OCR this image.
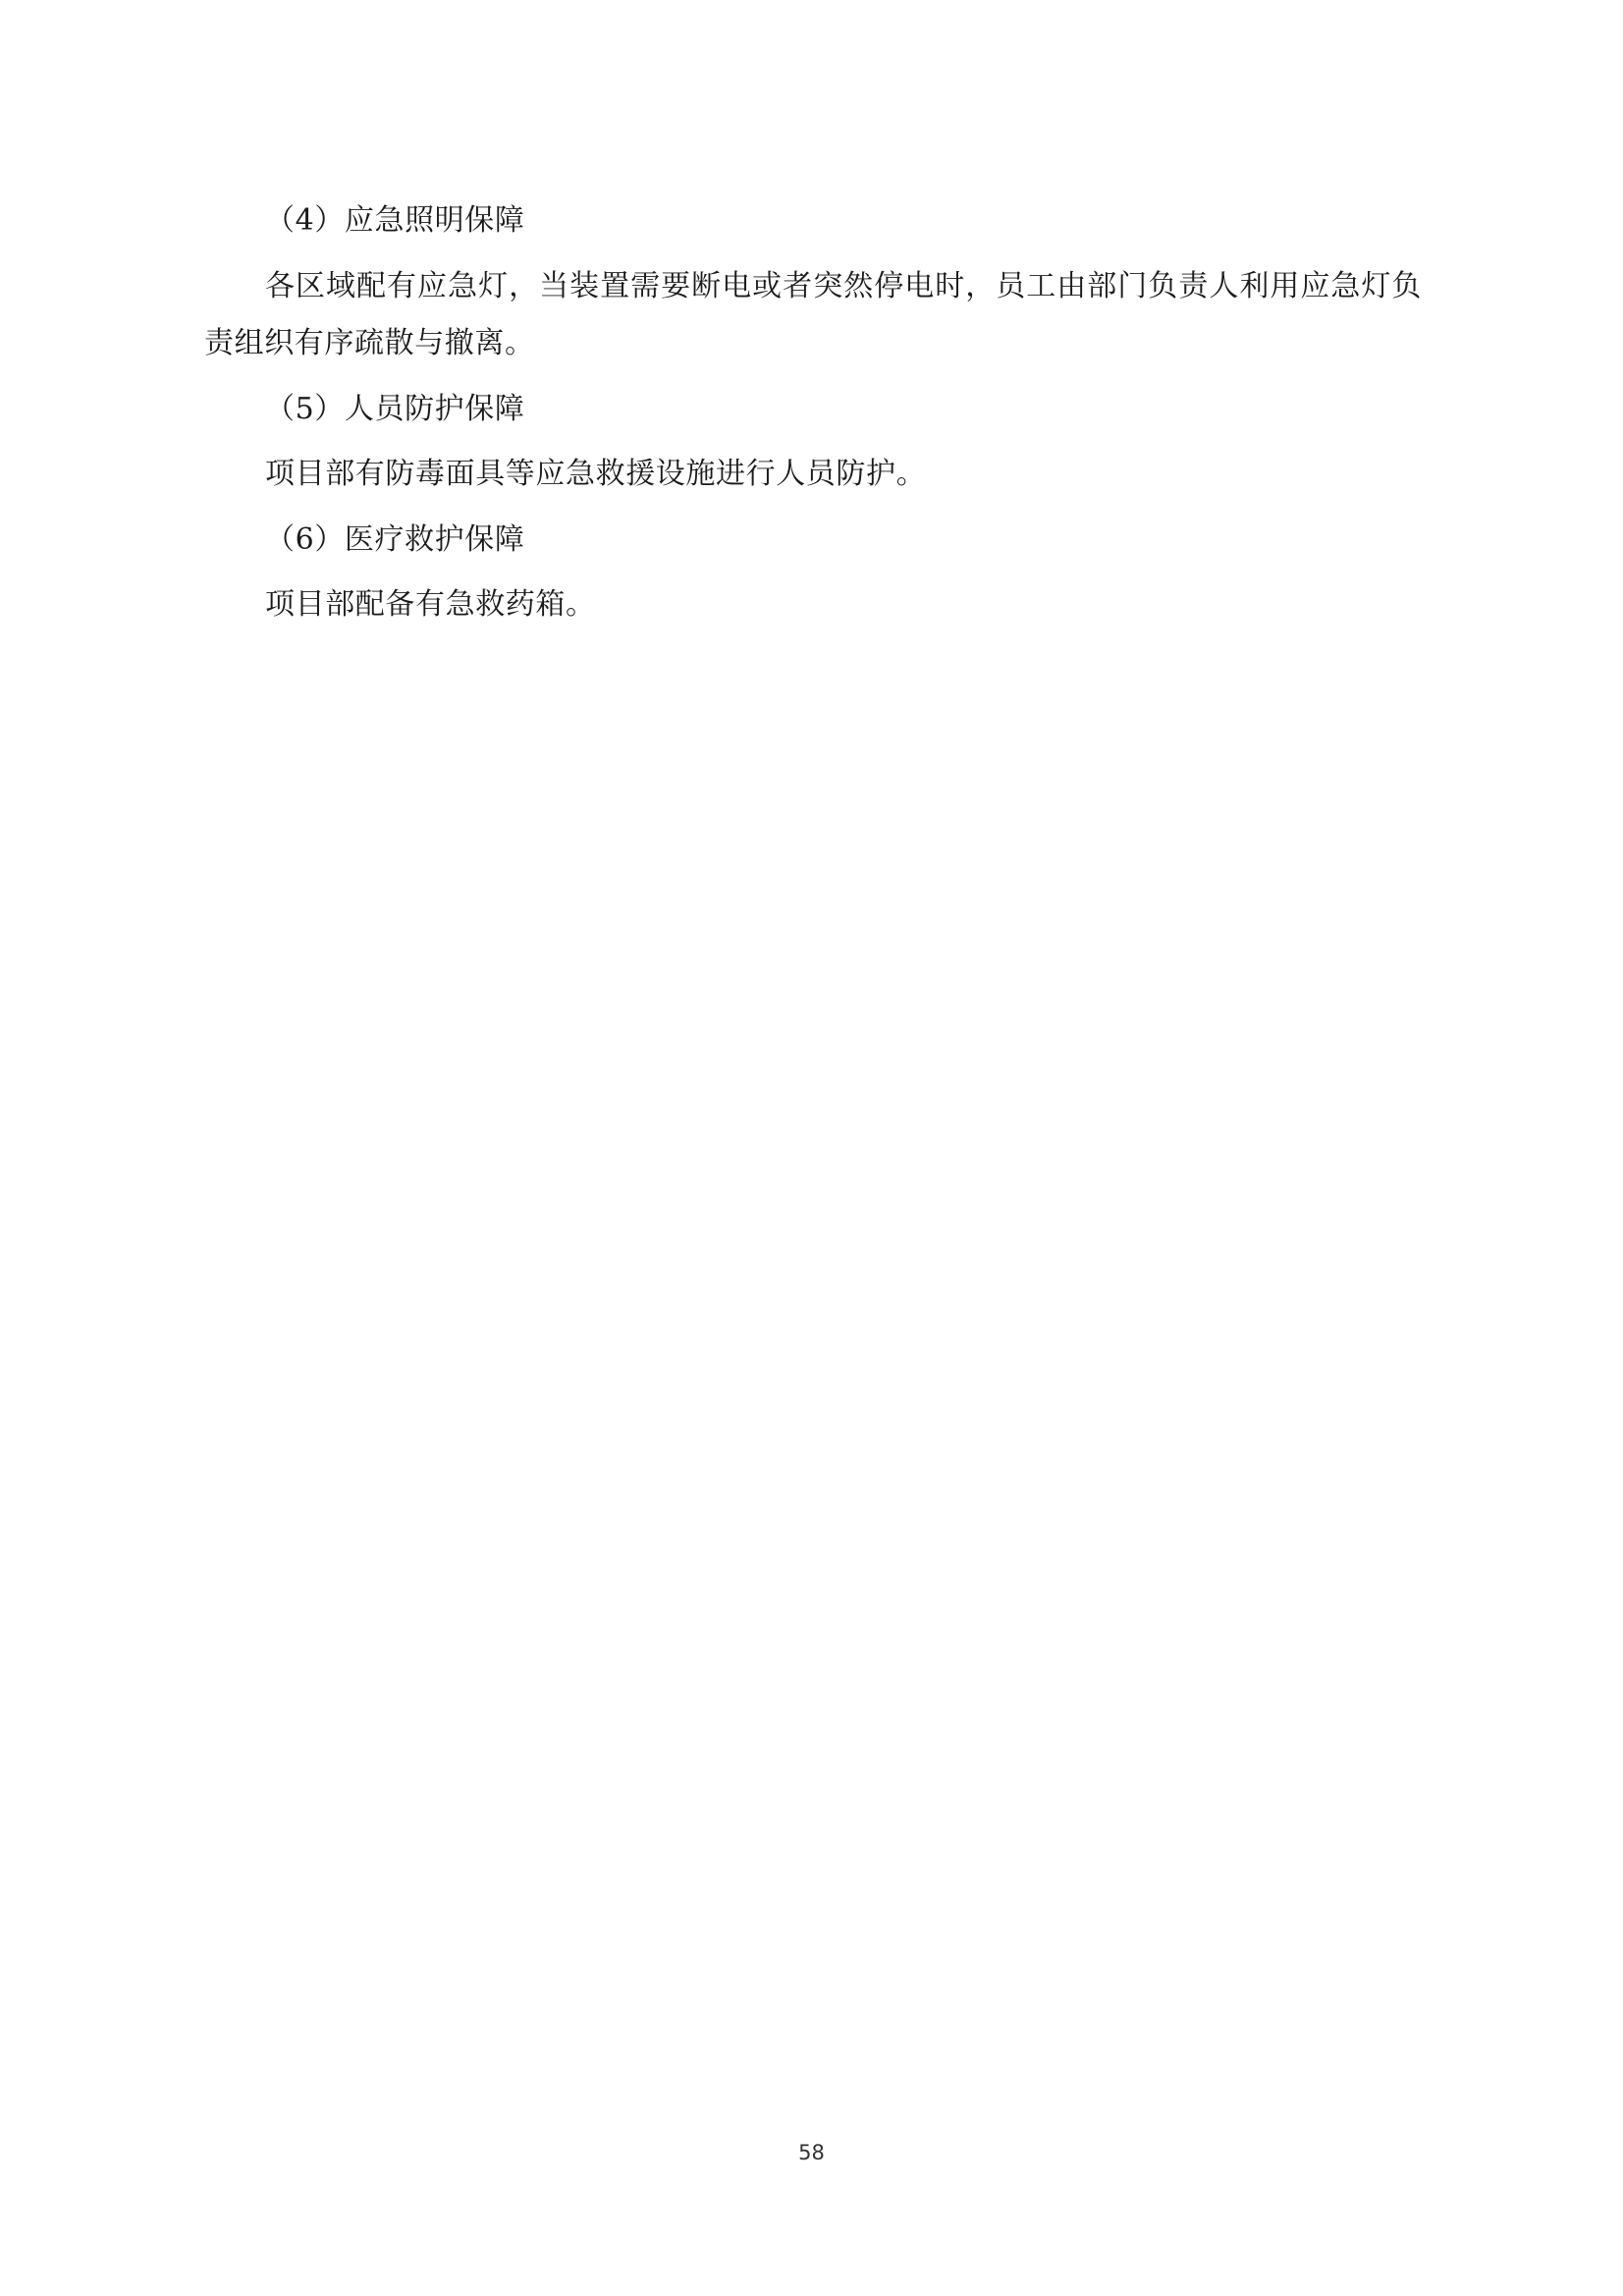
（4）应急照明保障

各区域配有应急灯，当装置需要断电或者突然停电时，员工由部门负责人利用应急灯负责组织有序疏散与撤离。

（5）人员防护保障

项目部有防毒面具等应急救援设施进行人员防护。

（6）医疗救护保障

项目部配备有急救药箱。

58
